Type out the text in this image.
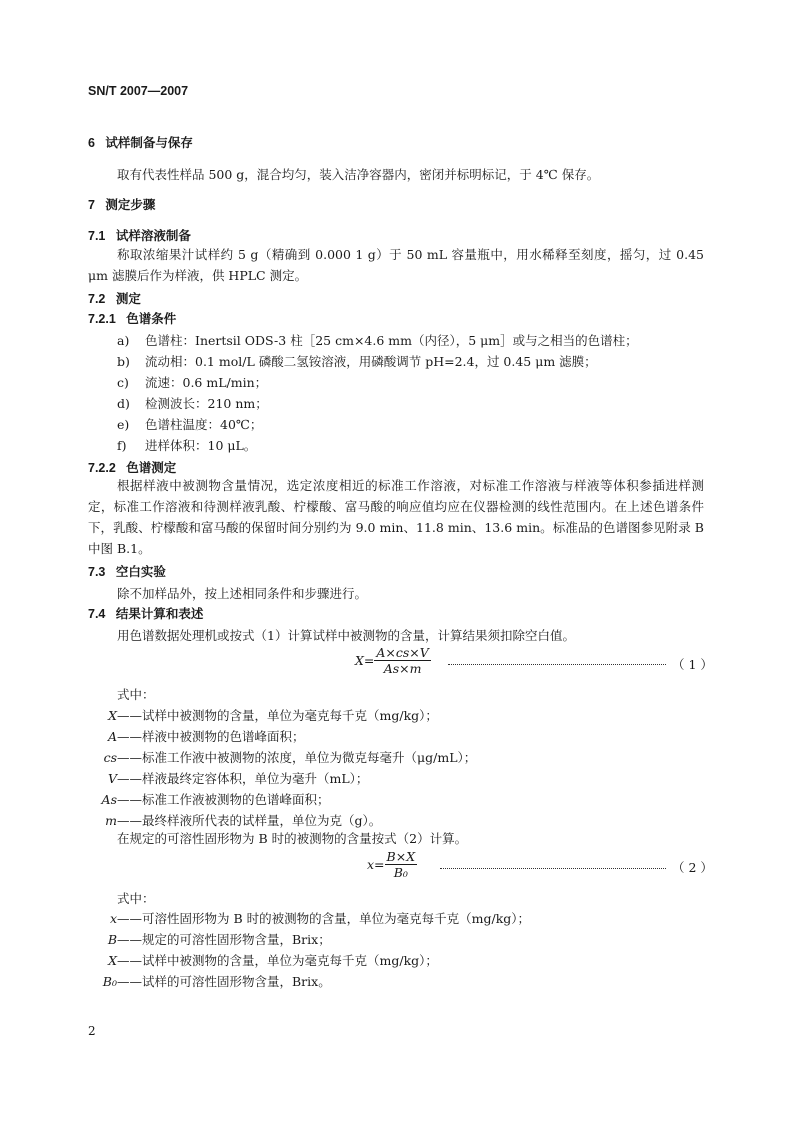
SN/T 2007—2007
6 试样制备与保存
取有代表性样品 500 g，混合均匀，装入洁净容器内，密闭并标明标记，于 4℃ 保存。
7 测定步骤
7.1 试样溶液制备
称取浓缩果汁试样约 5 g（精确到 0.000 1 g）于 50 mL 容量瓶中，用水稀释至刻度，摇匀，过 0.45 μm 滤膜后作为样液，供 HPLC 测定。
7.2 测定
7.2.1 色谱条件
a) 色谱柱：Inertsil ODS-3 柱［25 cm×4.6 mm（内径），5 μm］或与之相当的色谱柱；
b) 流动相：0.1 mol/L 磷酸二氢铵溶液，用磷酸调节 pH=2.4，过 0.45 μm 滤膜；
c) 流速：0.6 mL/min；
d) 检测波长：210 nm；
e) 色谱柱温度：40℃；
f) 进样体积：10 μL。
7.2.2 色谱测定
根据样液中被测物含量情况，选定浓度相近的标准工作溶液，对标准工作溶液与样液等体积参插进样测定，标准工作溶液和待测样液乳酸、柠檬酸、富马酸的响应值均应在仪器检测的线性范围内。在上述色谱条件下，乳酸、柠檬酸和富马酸的保留时间分别约为 9.0 min、11.8 min、13.6 min。标准品的色谱图参见附录 B 中图 B.1。
7.3 空白实验
除不加样品外，按上述相同条件和步骤进行。
7.4 结果计算和表述
用色谱数据处理机或按式（1）计算试样中被测物的含量，计算结果须扣除空白值。
$X= \frac{A\times cs\times V}{As\times m}$	（ 1 ）
式中：
X——试样中被测物的含量，单位为毫克每千克（mg/kg）；
A——样液中被测物的色谱峰面积；
cs——标准工作液中被测物的浓度，单位为微克每毫升（μg/mL）；
V——样液最终定容体积，单位为毫升（mL）；
As——标准工作液被测物的色谱峰面积；
m——最终样液所代表的试样量，单位为克（g）。
在规定的可溶性固形物为 B 时的被测物的含量按式（2）计算。
$x= \frac{B\times X}{\text{B₀}}$	（ 2 ）
式中：
x——可溶性固形物为 B 时的被测物的含量，单位为毫克每千克（mg/kg）；
B——规定的可溶性固形物含量，Brix；
X——试样中被测物的含量，单位为毫克每千克（mg/kg）；
B₀——试样的可溶性固形物含量，Brix。
2
